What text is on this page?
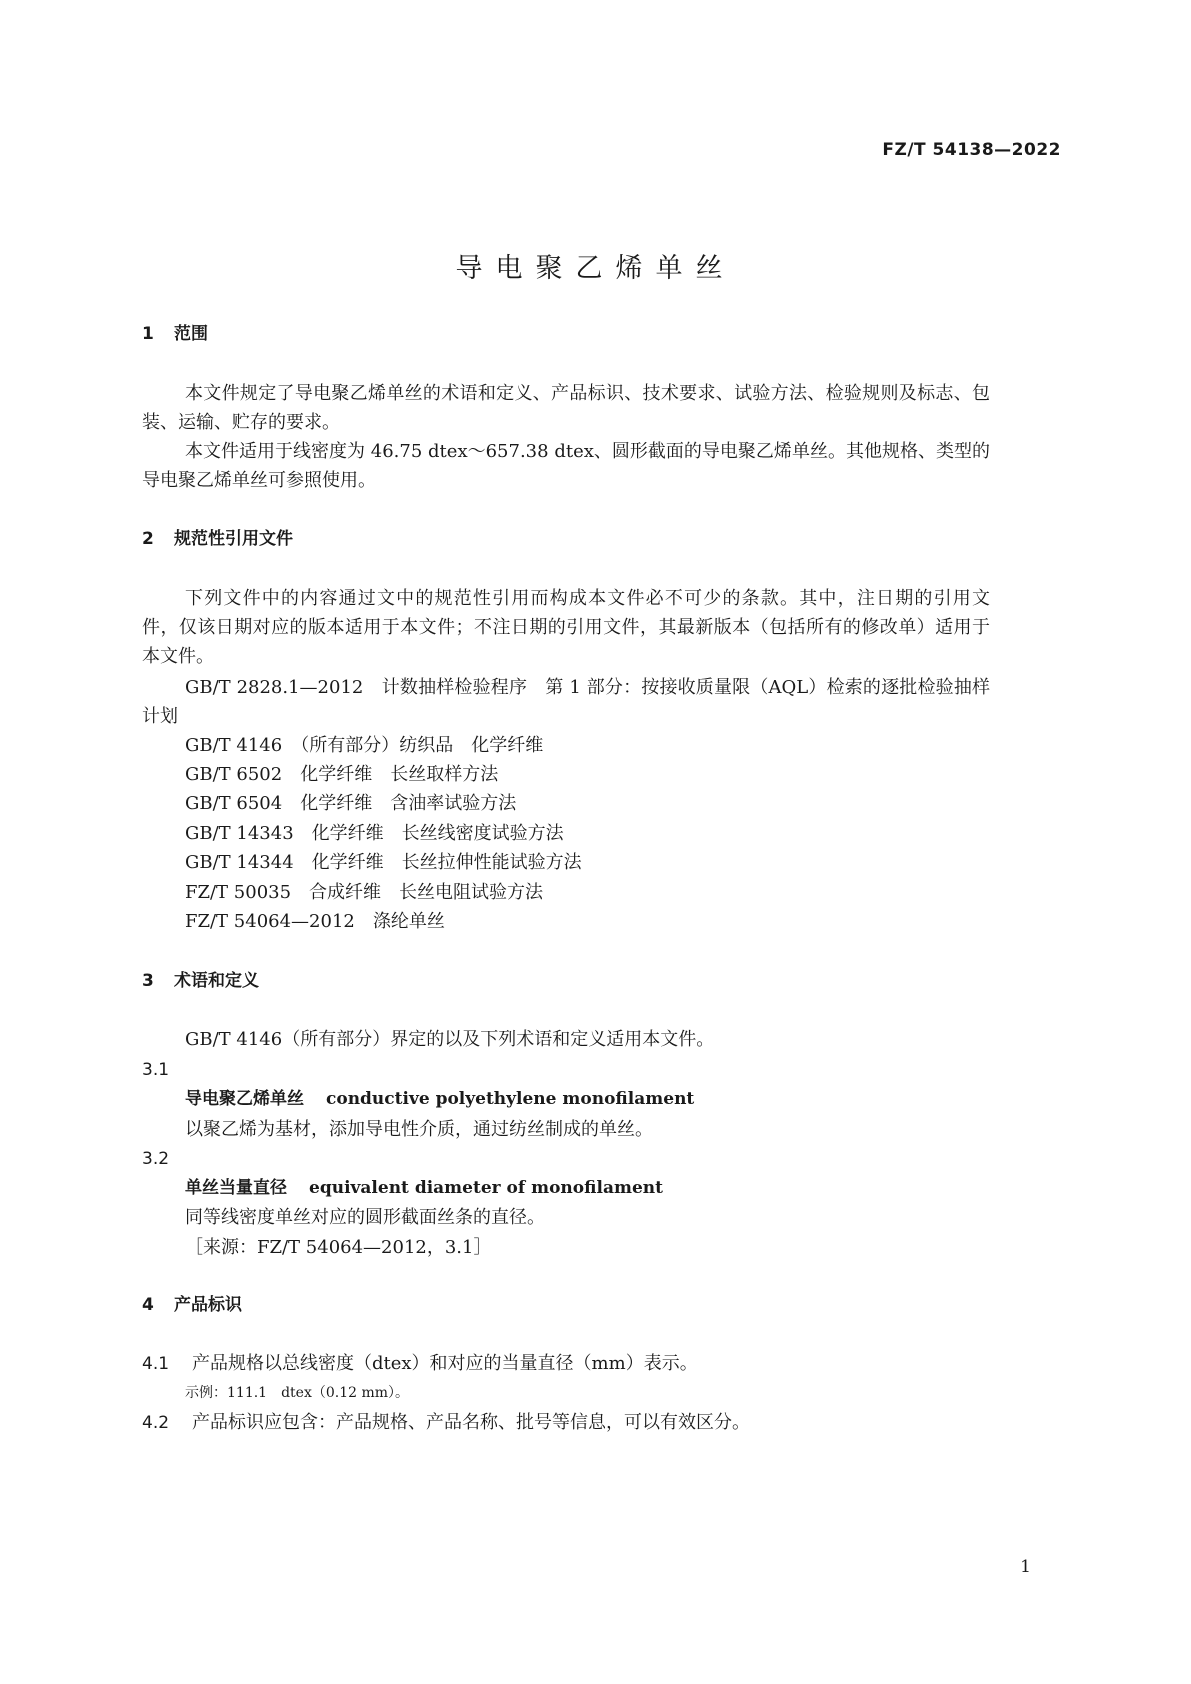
FZ/T 54138—2022
导电聚乙烯单丝
1 范围
本文件规定了导电聚乙烯单丝的术语和定义、产品标识、技术要求、试验方法、检验规则及标志、包
装、运输、贮存的要求。
本文件适用于线密度为 46.75 dtex～657.38 dtex、圆形截面的导电聚乙烯单丝。其他规格、类型的
导电聚乙烯单丝可参照使用。
2 规范性引用文件
下列文件中的内容通过文中的规范性引用而构成本文件必不可少的条款。其中，注日期的引用文
件，仅该日期对应的版本适用于本文件；不注日期的引用文件，其最新版本（包括所有的修改单）适用于
本文件。
GB/T 2828.1—2012　计数抽样检验程序　第 1 部分：按接收质量限（AQL）检索的逐批检验抽样
计划
GB/T 4146　（所有部分）纺织品　化学纤维
GB/T 6502　化学纤维　长丝取样方法
GB/T 6504　化学纤维　含油率试验方法
GB/T 14343　化学纤维　长丝线密度试验方法
GB/T 14344　化学纤维　长丝拉伸性能试验方法
FZ/T 50035　合成纤维　长丝电阻试验方法
FZ/T 54064—2012　涤纶单丝
3 术语和定义
GB/T 4146（所有部分）界定的以及下列术语和定义适用本文件。
3.1
导电聚乙烯单丝 conductive polyethylene monofilament
以聚乙烯为基材，添加导电性介质，通过纺丝制成的单丝。
3.2
单丝当量直径 equivalent diameter of monofilament
同等线密度单丝对应的圆形截面丝条的直径。
［来源：FZ/T 54064—2012，3.1］
4 产品标识
4.1 产品规格以总线密度（dtex）和对应的当量直径（mm）表示。
示例：111.1　dtex（0.12 mm）。
4.2 产品标识应包含：产品规格、产品名称、批号等信息，可以有效区分。
1
